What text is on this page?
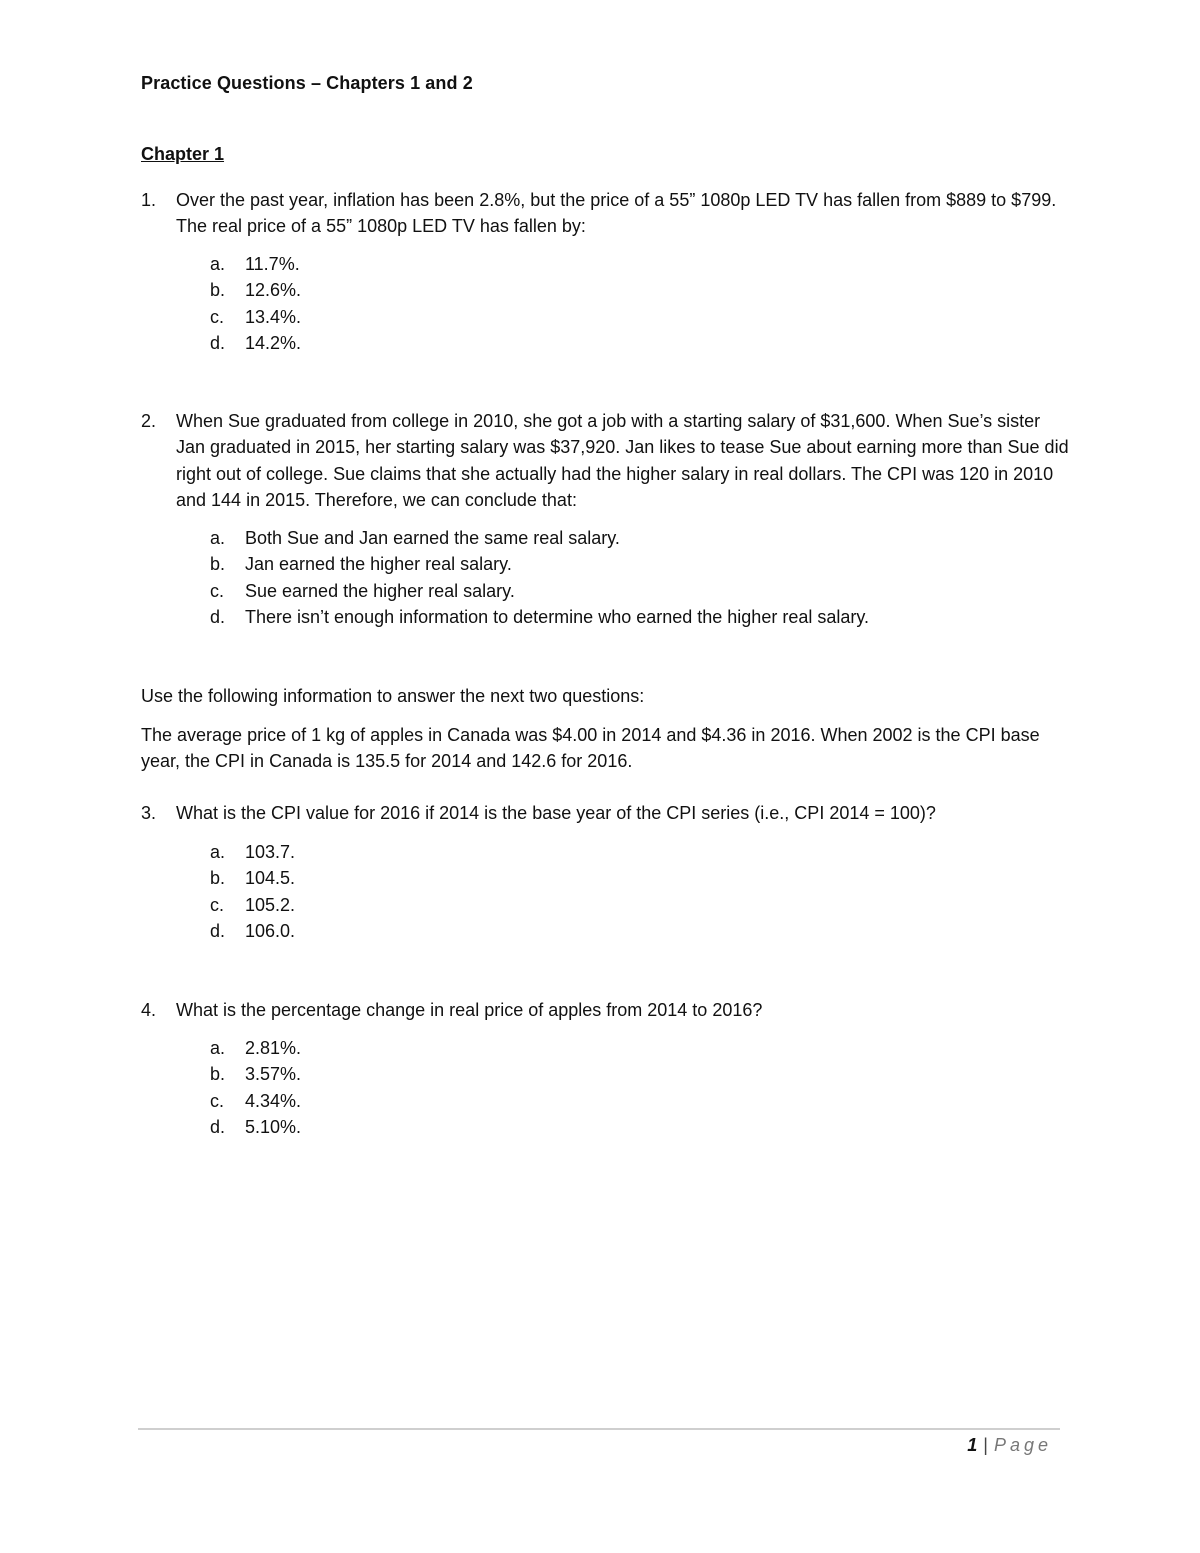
Practice Questions – Chapters 1 and 2
Chapter 1
1.	Over the past year, inflation has been 2.8%, but the price of a 55” 1080p LED TV has fallen from $889 to $799. The real price of a 55” 1080p LED TV has fallen by:
a. 11.7%.
b. 12.6%.
c. 13.4%.
d. 14.2%.
2.	When Sue graduated from college in 2010, she got a job with a starting salary of $31,600. When Sue’s sister Jan graduated in 2015, her starting salary was $37,920. Jan likes to tease Sue about earning more than Sue did right out of college. Sue claims that she actually had the higher salary in real dollars. The CPI was 120 in 2010 and 144 in 2015. Therefore, we can conclude that:
a. Both Sue and Jan earned the same real salary.
b. Jan earned the higher real salary.
c. Sue earned the higher real salary.
d. There isn’t enough information to determine who earned the higher real salary.
Use the following information to answer the next two questions:
The average price of 1 kg of apples in Canada was $4.00 in 2014 and $4.36 in 2016. When 2002 is the CPI base year, the CPI in Canada is 135.5 for 2014 and 142.6 for 2016.
3.	What is the CPI value for 2016 if 2014 is the base year of the CPI series (i.e., CPI 2014 = 100)?
a. 103.7.
b. 104.5.
c. 105.2.
d. 106.0.
4.	What is the percentage change in real price of apples from 2014 to 2016?
a. 2.81%.
b. 3.57%.
c. 4.34%.
d. 5.10%.
1 | Page
